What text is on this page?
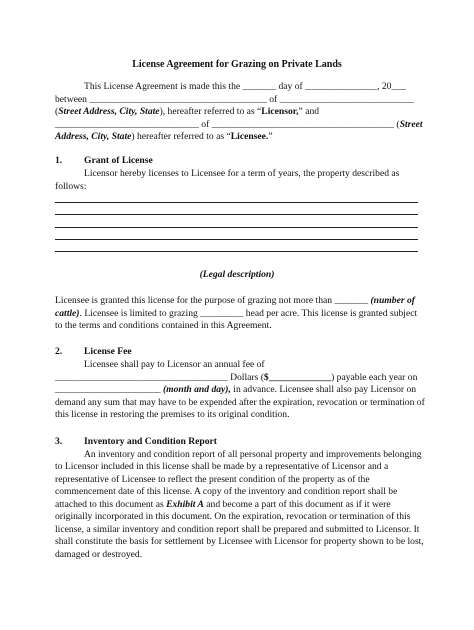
License Agreement for Grazing on Private Lands
This License Agreement is made this the _______ day of _______________, 20___
between _____________________________________ of ____________________________
(Street Address, City, State), hereafter referred to as “Licensor,” and
______________________________ of ______________________________________ (Street
Address, City, State) hereafter referred to as “Licensee.”
1. Grant of License
Licensor hereby licenses to Licensee for a term of years, the property described as
follows:
(Legal description)
Licensee is granted this license for the purpose of grazing not more than _______ (number of
cattle). Licensee is limited to grazing _________ head per acre. This license is granted subject
to the terms and conditions contained in this Agreement.
2. License Fee
Licensee shall pay to Licensor an annual fee of
____________________________________ Dollars ($_____________) payable each year on
______________________ (month and day), in advance. Licensee shall also pay Licensor on
demand any sum that may have to be expended after the expiration, revocation or termination of
this license in restoring the premises to its original condition.
3. Inventory and Condition Report
An inventory and condition report of all personal property and improvements belonging
to Licensor included in this license shall be made by a representative of Licensor and a
representative of Licensee to reflect the present condition of the property as of the
commencement date of this license. A copy of the inventory and condition report shall be
attached to this document as Exhibit A and become a part of this document as if it were
originally incorporated in this document. On the expiration, revocation or termination of this
license, a similar inventory and condition report shall be prepared and submitted to Licensor. It
shall constitute the basis for settlement by Licensee with Licensor for property shown to be lost,
damaged or destroyed.
